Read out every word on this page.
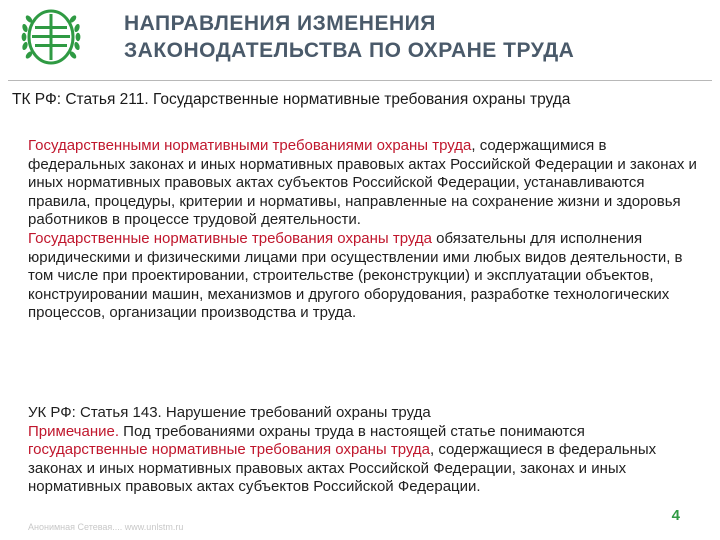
НАПРАВЛЕНИЯ ИЗМЕНЕНИЯ
ЗАКОНОДАТЕЛЬСТВА ПО ОХРАНЕ ТРУДА
ТК РФ: Статья 211. Государственные нормативные требования охраны труда
Государственными нормативными требованиями охраны труда, содержащимися в федеральных законах и иных нормативных правовых актах Российской Федерации и законах и иных нормативных правовых актах субъектов Российской Федерации, устанавливаются правила, процедуры, критерии и нормативы, направленные на сохранение жизни и здоровья работников в процессе трудовой деятельности.
Государственные нормативные требования охраны труда обязательны для исполнения юридическими и физическими лицами при осуществлении ими любых видов деятельности, в том числе при проектировании, строительстве (реконструкции) и эксплуатации объектов, конструировании машин, механизмов и другого оборудования, разработке технологических процессов, организации производства и труда.
УК РФ: Статья 143. Нарушение требований охраны труда
Примечание. Под требованиями охраны труда в настоящей статье понимаются государственные нормативные требования охраны труда, содержащиеся в федеральных законах и иных нормативных правовых актах Российской Федерации, законах и иных нормативных правовых актах субъектов Российской Федерации.
Анонимная Сетевая.... www.unlstm.ru
4
